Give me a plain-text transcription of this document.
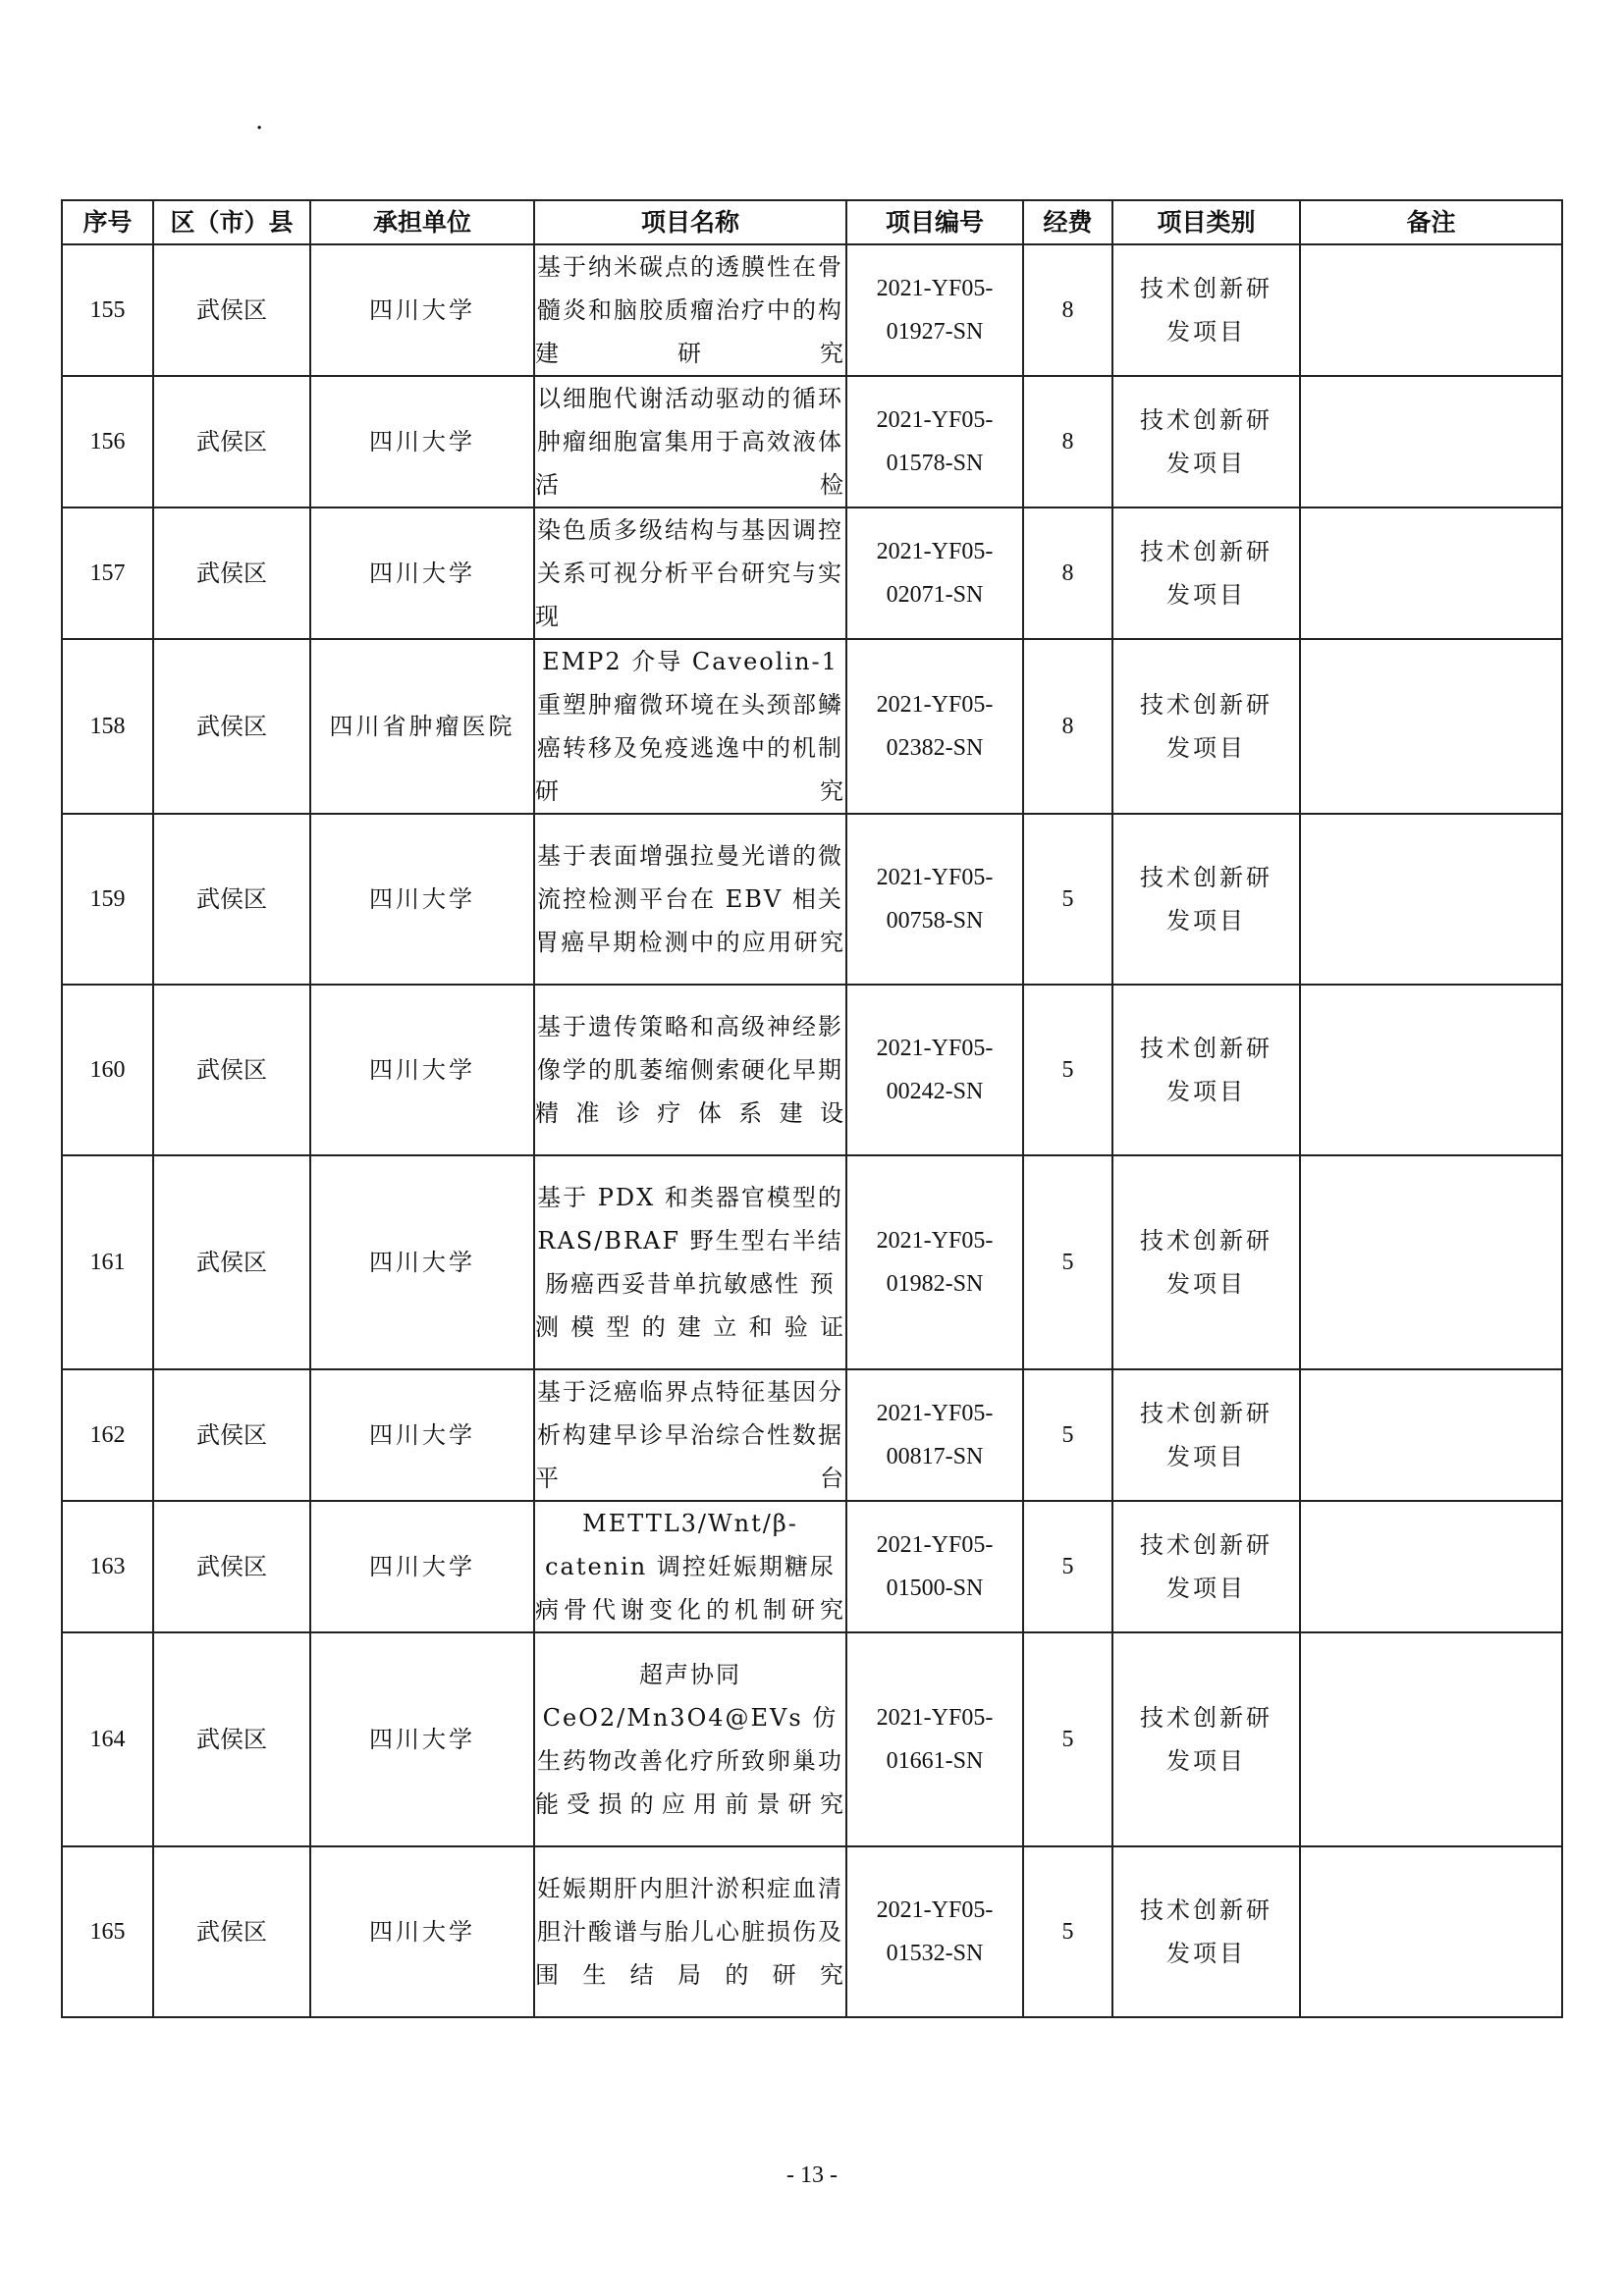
·
序号	区（市）县	承担单位	项目名称	项目编号	经费	项目类别	备注
155	武侯区	四川大学	基于纳米碳点的透膜性在骨髓炎和脑胶质瘤治疗中的构建研究	2021-YF05-
01927-SN	8	技术创新研
发项目	

156	武侯区	四川大学	以细胞代谢活动驱动的循环肿瘤细胞富集用于高效液体活检	2021-YF05-
01578-SN	8	技术创新研
发项目	

157	武侯区	四川大学	染色质多级结构与基因调控关系可视分析平台研究与实现	2021-YF05-
02071-SN	8	技术创新研
发项目	

158	武侯区	四川省肿瘤医院	EMP2 介导 Caveolin-1 重塑肿瘤微环境在头颈部鳞癌转移及免疫逃逸中的机制研究	2021-YF05-
02382-SN	8	技术创新研
发项目	

159	武侯区	四川大学	基于表面增强拉曼光谱的微流控检测平台在 EBV 相关胃癌早期检测中的应用研究	2021-YF05-
00758-SN	5	技术创新研
发项目	

160	武侯区	四川大学	基于遗传策略和高级神经影像学的肌萎缩侧索硬化早期精准诊疗体系建设	2021-YF05-
00242-SN	5	技术创新研
发项目	

161	武侯区	四川大学	基于 PDX 和类器官模型的 RAS/BRAF 野生型右半结肠癌西妥昔单抗敏感性 预测模型的建立和验证	2021-YF05-
01982-SN	5	技术创新研
发项目	

162	武侯区	四川大学	基于泛癌临界点特征基因分析构建早诊早治综合性数据平台	2021-YF05-
00817-SN	5	技术创新研
发项目	

163	武侯区	四川大学	METTL3/Wnt/β-catenin 调控妊娠期糖尿病骨代谢变化的机制研究	2021-YF05-
01500-SN	5	技术创新研
发项目	

164	武侯区	四川大学	超声协同 CeO2/Mn3O4@EVs 仿生药物改善化疗所致卵巢功能受损的应用前景研究	2021-YF05-
01661-SN	5	技术创新研
发项目	

165	武侯区	四川大学	妊娠期肝内胆汁淤积症血清胆汁酸谱与胎儿心脏损伤及围生结局的研究	2021-YF05-
01532-SN	5	技术创新研
发项目	

- 13 -
